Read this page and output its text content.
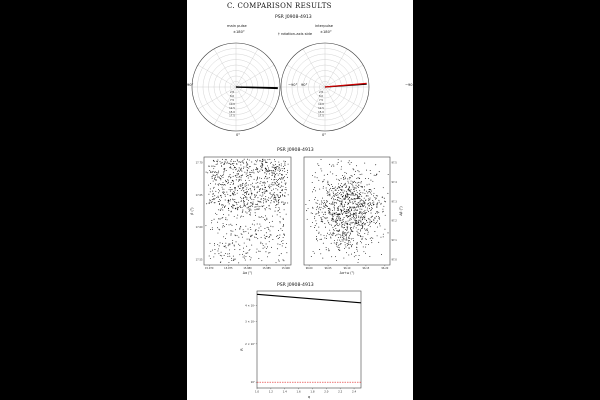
C. COMPARISON RESULTS
PSR J0908-4913
† rotation-axis side
main pulse
±180°
90°	−90°
0°
interpulse
±180°
90°	−90°
0°
2.5
5.0
7.5
10.0
12.5
15.0
17.5
2.5
5.0
7.5
10.0
12.5
15.0
17.5
PSR J0908-4913
15.970	15.975	15.980	15.985	15.990
17.70
17.65
17.60
17.55
Δα (°)
β (°)
96.00	96.05	96.10	96.15	96.20
97.5
97.4
97.3
97.2
97.1
97.0
Δα+ω (°)
Δβ (°)
PSR J0908-4913
1.0	1.2	1.4	1.6	1.8	2.0	2.2	2.4
4 × 10²
3 × 10²
2 × 10²
10²
q
R
